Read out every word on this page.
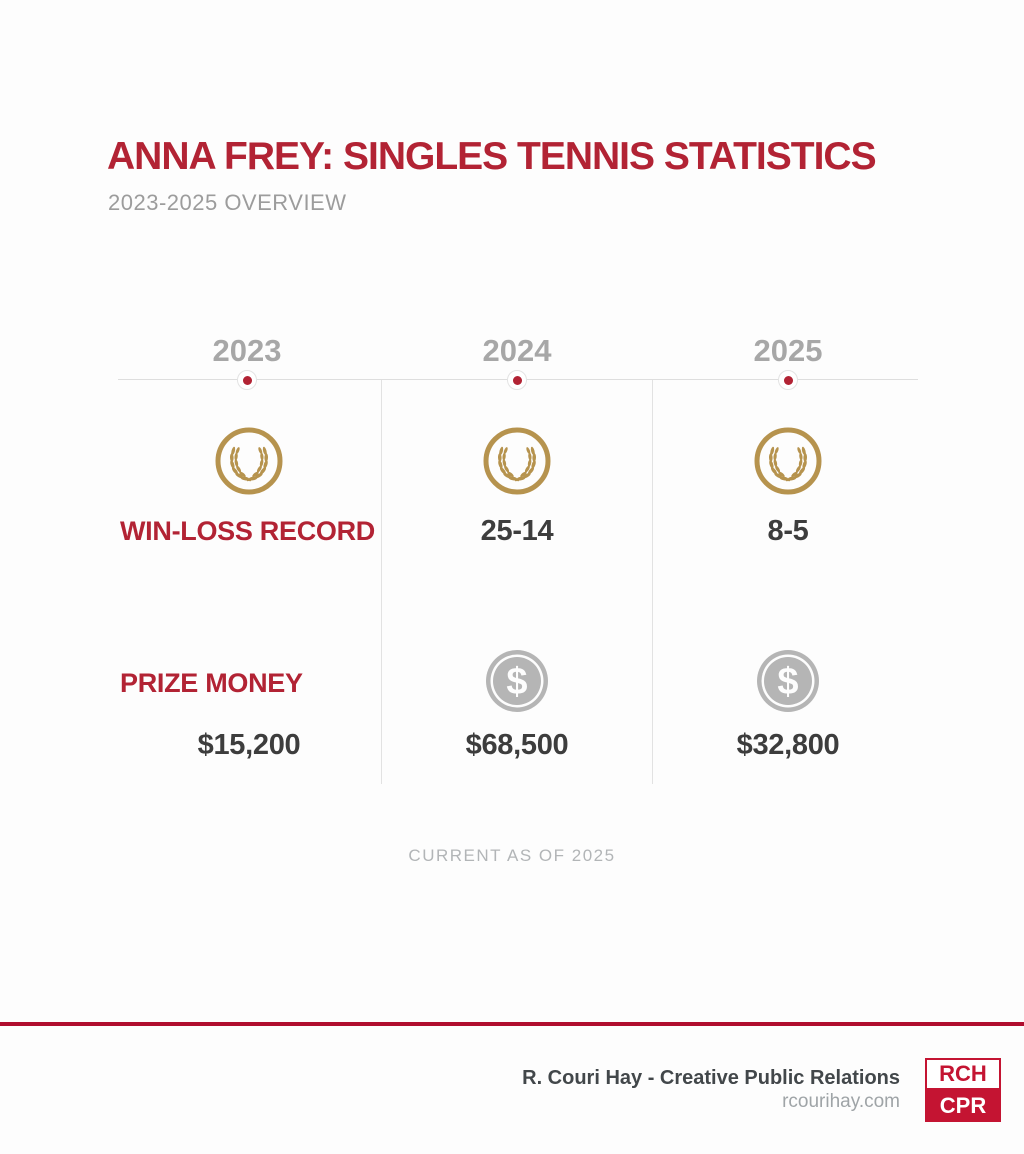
ANNA FREY: SINGLES TENNIS STATISTICS
2023-2025 OVERVIEW
2023	2024	2025
WIN-LOSS RECORD	25-14	8-5
PRIZE MONEY	$	$
$15,200	$68,500	$32,800
CURRENT AS OF 2025
R. Couri Hay - Creative Public Relations
rcourihay.com
RCH
CPR
